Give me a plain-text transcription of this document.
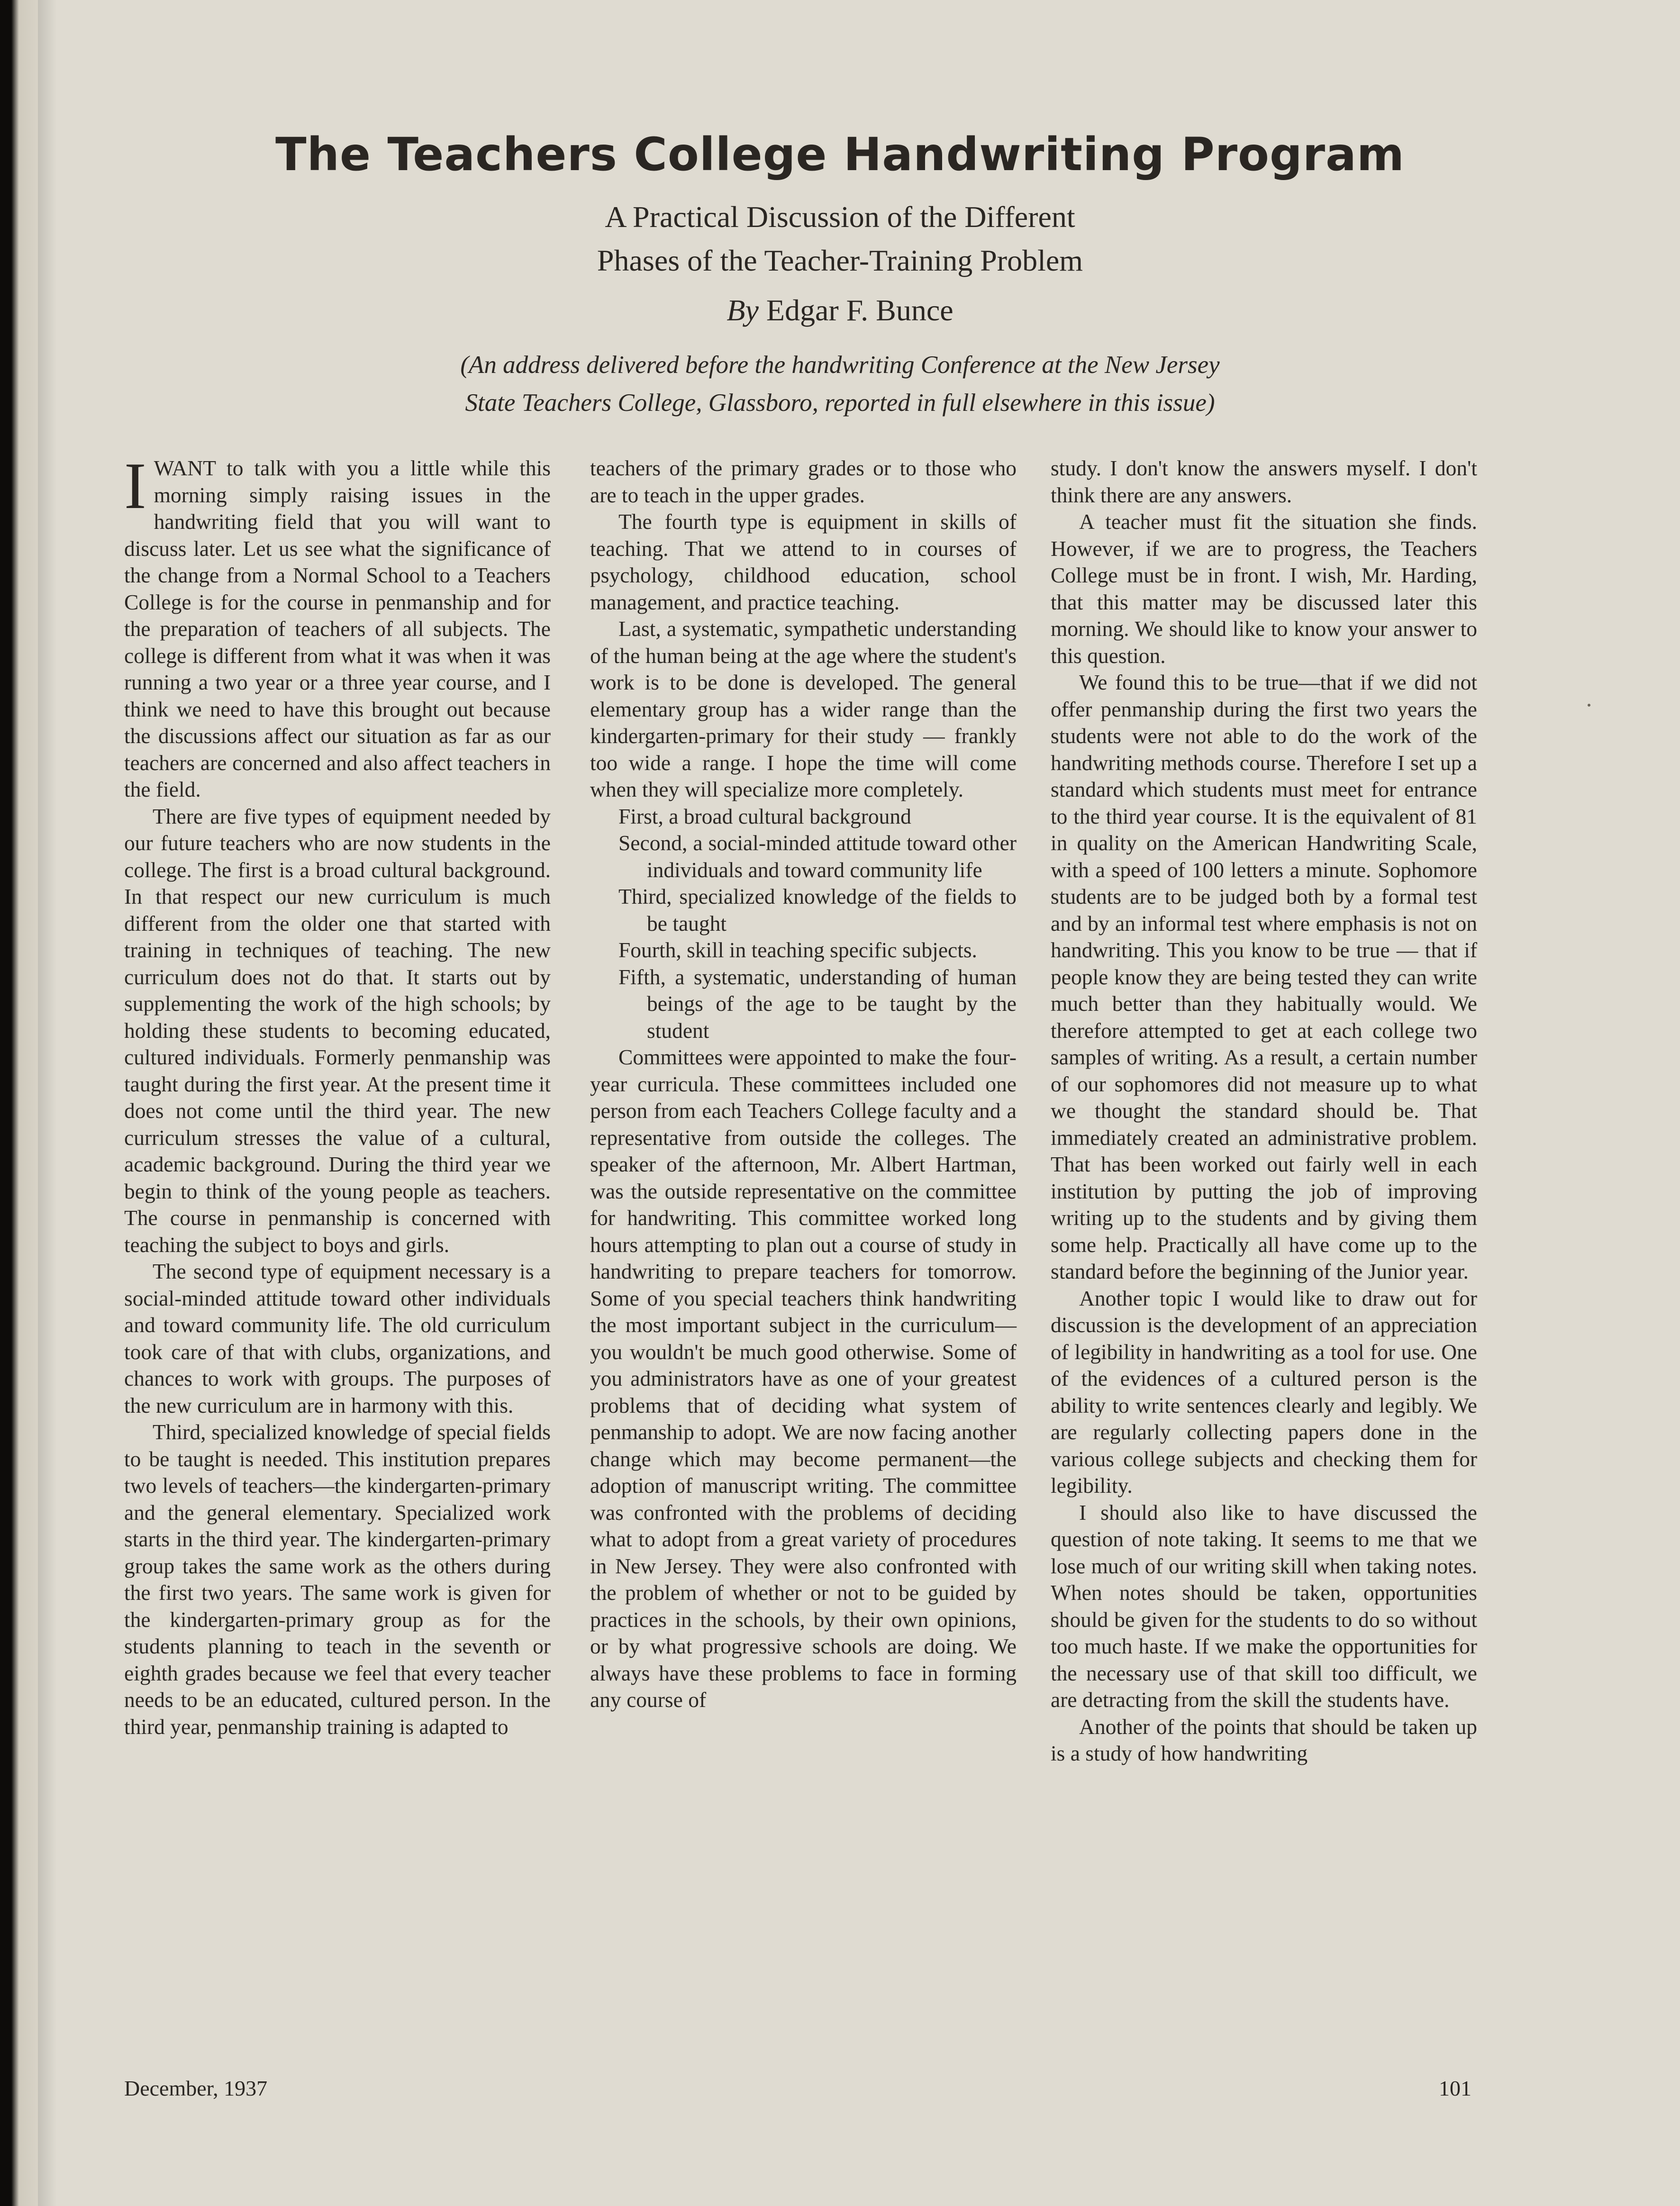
The Teachers College Handwriting Program
A Practical Discussion of the Different
Phases of the Teacher-Training Problem
By Edgar F. Bunce
(An address delivered before the handwriting Conference at the New Jersey
State Teachers College, Glassboro, reported in full elsewhere in this issue)

I WANT to talk with you a little while this morning simply raising issues in the handwriting field that you will want to discuss later. Let us see what the significance of the change from a Normal School to a Teachers College is for the course in penmanship and for the preparation of teachers of all subjects. The college is different from what it was when it was running a two year or a three year course, and I think we need to have this brought out because the discussions affect our situation as far as our teachers are concerned and also affect teachers in the field.

There are five types of equipment needed by our future teachers who are now students in the college. The first is a broad cultural background. In that respect our new curriculum is much different from the older one that started with training in techniques of teaching. The new curriculum does not do that. It starts out by supplementing the work of the high schools; by holding these students to becoming educated, cultured individuals. Formerly penmanship was taught during the first year. At the present time it does not come until the third year. The new curriculum stresses the value of a cultural, academic background. During the third year we begin to think of the young people as teachers. The course in penmanship is concerned with teaching the subject to boys and girls.

The second type of equipment necessary is a social-minded attitude toward other individuals and toward community life. The old curriculum took care of that with clubs, organizations, and chances to work with groups. The purposes of the new curriculum are in harmony with this.

Third, specialized knowledge of special fields to be taught is needed. This institution prepares two levels of teachers—the kindergarten-primary and the general elementary. Specialized work starts in the third year. The kindergarten-primary group takes the same work as the others during the first two years. The same work is given for the kindergarten-primary group as for the students planning to teach in the seventh or eighth grades because we feel that every teacher needs to be an educated, cultured person. In the third year, penmanship training is adapted to

teachers of the primary grades or to those who are to teach in the upper grades.

The fourth type is equipment in skills of teaching. That we attend to in courses of psychology, childhood education, school management, and practice teaching.

Last, a systematic, sympathetic understanding of the human being at the age where the student's work is to be done is developed. The general elementary group has a wider range than the kindergarten-primary for their study — frankly too wide a range. I hope the time will come when they will specialize more completely.

First, a broad cultural background

Second, a social-minded attitude toward other individuals and toward community life

Third, specialized knowledge of the fields to be taught

Fourth, skill in teaching specific subjects.

Fifth, a systematic, understanding of human beings of the age to be taught by the student

Committees were appointed to make the four-year curricula. These committees included one person from each Teachers College faculty and a representative from outside the colleges. The speaker of the afternoon, Mr. Albert Hartman, was the outside representative on the committee for handwriting. This committee worked long hours attempting to plan out a course of study in handwriting to prepare teachers for tomorrow. Some of you special teachers think handwriting the most important subject in the curriculum—you wouldn't be much good otherwise. Some of you administrators have as one of your greatest problems that of deciding what system of penmanship to adopt. We are now facing another change which may become permanent—the adoption of manuscript writing. The committee was confronted with the problems of deciding what to adopt from a great variety of procedures in New Jersey. They were also confronted with the problem of whether or not to be guided by practices in the schools, by their own opinions, or by what progressive schools are doing. We always have these problems to face in forming any course of

study. I don't know the answers myself. I don't think there are any answers.

A teacher must fit the situation she finds. However, if we are to progress, the Teachers College must be in front. I wish, Mr. Harding, that this matter may be discussed later this morning. We should like to know your answer to this question.

We found this to be true—that if we did not offer penmanship during the first two years the students were not able to do the work of the handwriting methods course. Therefore I set up a standard which students must meet for entrance to the third year course. It is the equivalent of 81 in quality on the American Handwriting Scale, with a speed of 100 letters a minute. Sophomore students are to be judged both by a formal test and by an informal test where emphasis is not on handwriting. This you know to be true — that if people know they are being tested they can write much better than they habitually would. We therefore attempted to get at each college two samples of writing. As a result, a certain number of our sophomores did not measure up to what we thought the standard should be. That immediately created an administrative problem. That has been worked out fairly well in each institution by putting the job of improving writing up to the students and by giving them some help. Practically all have come up to the standard before the beginning of the Junior year.

Another topic I would like to draw out for discussion is the development of an appreciation of legibility in handwriting as a tool for use. One of the evidences of a cultured person is the ability to write sentences clearly and legibly. We are regularly collecting papers done in the various college subjects and checking them for legibility.

I should also like to have discussed the question of note taking. It seems to me that we lose much of our writing skill when taking notes. When notes should be taken, opportunities should be given for the students to do so without too much haste. If we make the opportunities for the necessary use of that skill too difficult, we are detracting from the skill the students have.

Another of the points that should be taken up is a study of how handwriting

December, 1937	101
